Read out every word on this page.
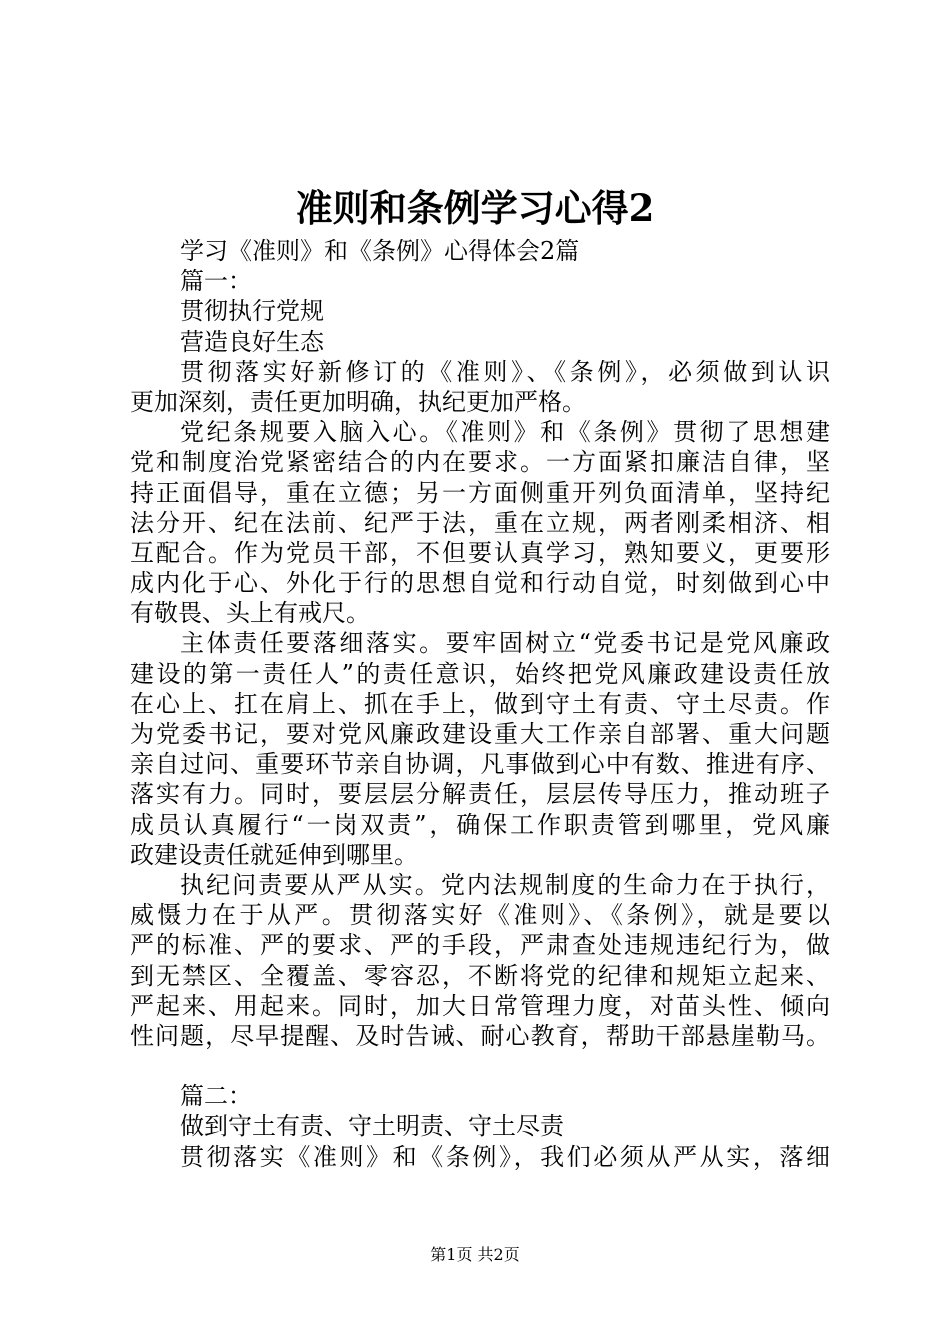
准则和条例学习心得2
学习《准则》和《条例》心得体会2篇
篇一：
贯彻执行党规
营造良好生态
贯彻落实好新修订的《准则》、《条例》，必须做到认识
更加深刻，责任更加明确，执纪更加严格。
党纪条规要入脑入心。《准则》和《条例》贯彻了思想建
党和制度治党紧密结合的内在要求。一方面紧扣廉洁自律，坚
持正面倡导，重在立德；另一方面侧重开列负面清单，坚持纪
法分开、纪在法前、纪严于法，重在立规，两者刚柔相济、相
互配合。作为党员干部，不但要认真学习，熟知要义，更要形
成内化于心、外化于行的思想自觉和行动自觉，时刻做到心中
有敬畏、头上有戒尺。
主体责任要落细落实。要牢固树立“党委书记是党风廉政
建设的第一责任人”的责任意识，始终把党风廉政建设责任放
在心上、扛在肩上、抓在手上，做到守土有责、守土尽责。作
为党委书记，要对党风廉政建设重大工作亲自部署、重大问题
亲自过问、重要环节亲自协调，凡事做到心中有数、推进有序、
落实有力。同时，要层层分解责任，层层传导压力，推动班子
成员认真履行“一岗双责”，确保工作职责管到哪里，党风廉
政建设责任就延伸到哪里。
执纪问责要从严从实。党内法规制度的生命力在于执行，
威慑力在于从严。贯彻落实好《准则》、《条例》，就是要以
严的标准、严的要求、严的手段，严肃查处违规违纪行为，做
到无禁区、全覆盖、零容忍，不断将党的纪律和规矩立起来、
严起来、用起来。同时，加大日常管理力度，对苗头性、倾向
性问题，尽早提醒、及时告诫、耐心教育，帮助干部悬崖勒马。
篇二：
做到守土有责、守土明责、守土尽责
贯彻落实《准则》和《条例》，我们必须从严从实，落细
第1页 共2页
